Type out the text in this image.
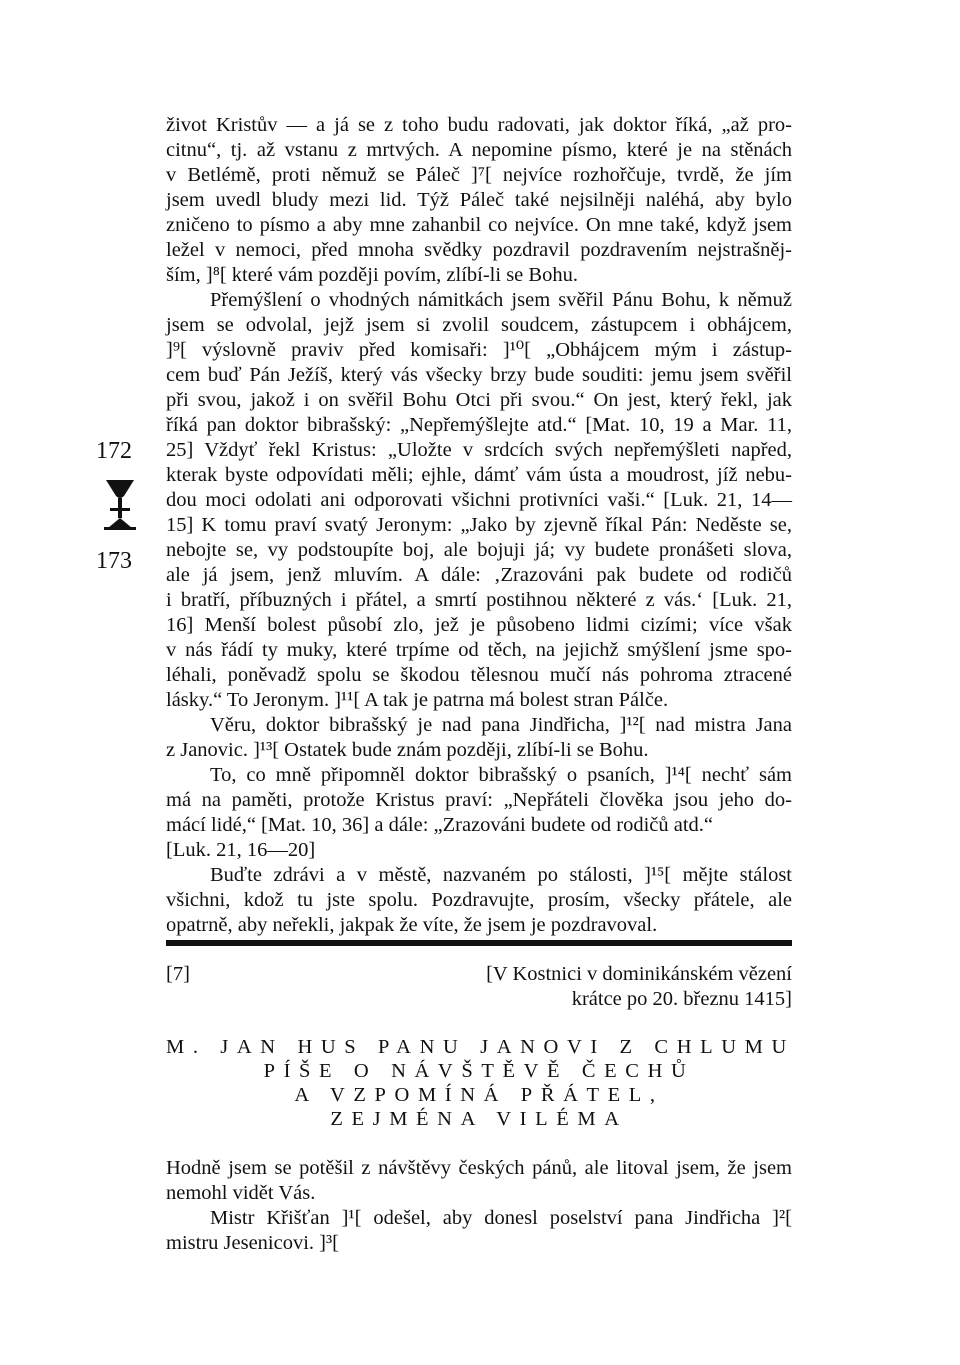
život Kristův — a já se z toho budu radovati, jak doktor říká, „až pro-
citnu“, tj. až vstanu z mrtvých. A nepomine písmo, které je na stěnách
v Betlémě, proti němuž se Páleč ]⁷[ nejvíce rozhořčuje, tvrdě, že jím
jsem uvedl bludy mezi lid. Týž Páleč také nejsilněji naléhá, aby bylo
zničeno to písmo a aby mne zahanbil co nejvíce. On mne také, když jsem
ležel v nemoci, před mnoha svědky pozdravil pozdravením nejstrašněj-
ším, ]⁸[ které vám později povím, zlíbí-li se Bohu.
Přemýšlení o vhodných námitkách jsem svěřil Pánu Bohu, k němuž
jsem se odvolal, jejž jsem si zvolil soudcem, zástupcem i obhájcem,
]⁹[ výslovně praviv před komisaři: ]¹⁰[ „Obhájcem mým i zástup-
cem buď Pán Ježíš, který vás všecky brzy bude souditi: jemu jsem svěřil
při svou, jakož i on svěřil Bohu Otci při svou.“ On jest, který řekl, jak
říká pan doktor bibrašský: „Nepřemýšlejte atd.“ [Mat. 10, 19 a Mar. 11,
25] Vždyť řekl Kristus: „Uložte v srdcích svých nepřemýšleti napřed,
kterak byste odpovídati měli; ejhle, dámť vám ústa a moudrost, jíž nebu-
dou moci odolati ani odporovati všichni protivníci vaši.“ [Luk. 21, 14—
15] K tomu praví svatý Jeronym: „Jako by zjevně říkal Pán: Neděste se,
nebojte se, vy podstoupíte boj, ale bojuji já; vy budete pronášeti slova,
ale já jsem, jenž mluvím. A dále: ‚Zrazováni pak budete od rodičů
i bratří, příbuzných i přátel, a smrtí postihnou některé z vás.‘ [Luk. 21,
16] Menší bolest působí zlo, jež je působeno lidmi cizími; více však
v nás řádí ty muky, které trpíme od těch, na jejichž smýšlení jsme spo-
léhali, poněvadž spolu se škodou tělesnou mučí nás pohroma ztracené
lásky.“ To Jeronym. ]¹¹[ A tak je patrna má bolest stran Pálče.
Věru, doktor bibrašský je nad pana Jindřicha, ]¹²[ nad mistra Jana
z Janovic. ]¹³[ Ostatek bude znám později, zlíbí-li se Bohu.
To, co mně připomněl doktor bibrašský o psaních, ]¹⁴[ nechť sám
má na paměti, protože Kristus praví: „Nepřáteli člověka jsou jeho do-
mácí lidé,“ [Mat. 10, 36] a dále: „Zrazováni budete od rodičů atd.“
[Luk. 21, 16—20]
Buďte zdrávi a v městě, nazvaném po stálosti, ]¹⁵[ mějte stálost
všichni, kdož tu jste spolu. Pozdravujte, prosím, všecky přátele, ale
opatrně, aby neřekli, jakpak že víte, že jsem je pozdravoval.
172
173
[7]	[V Kostnici v dominikánském vězení
krátce po 20. březnu 1415]
M. JAN HUS PANU JANOVI Z CHLUMU
PÍŠE O NÁVŠTĚVĚ ČECHŮ
A VZPOMÍNÁ PŘÁTEL,
ZEJMÉNA VILÉMA
Hodně jsem se potěšil z návštěvy českých pánů, ale litoval jsem, že jsem
nemohl vidět Vás.
Mistr Křišťan ]¹[ odešel, aby donesl poselství pana Jindřicha ]²[
mistru Jesenicovi. ]³[
